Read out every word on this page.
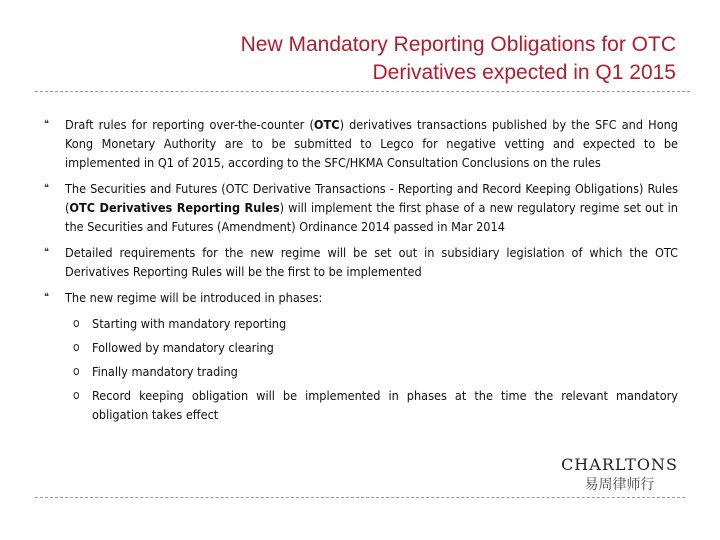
New Mandatory Reporting Obligations for OTC
Derivatives expected in Q1 2015
❝ Draft rules for reporting over-the-counter (OTC) derivatives transactions published by the SFC and Hong Kong Monetary Authority are to be submitted to Legco for negative vetting and expected to be implemented in Q1 of 2015, according to the SFC/HKMA Consultation Conclusions on the rules
❝ The Securities and Futures (OTC Derivative Transactions - Reporting and Record Keeping Obligations) Rules (OTC Derivatives Reporting Rules) will implement the first phase of a new regulatory regime set out in the Securities and Futures (Amendment) Ordinance 2014 passed in Mar 2014
❝ Detailed requirements for the new regime will be set out in subsidiary legislation of which the OTC Derivatives Reporting Rules will be the first to be implemented
❝ The new regime will be introduced in phases:
o Starting with mandatory reporting
o Followed by mandatory clearing
o Finally mandatory trading
o Record keeping obligation will be implemented in phases at the time the relevant mandatory obligation takes effect
CHARLTONS
易周律师行
